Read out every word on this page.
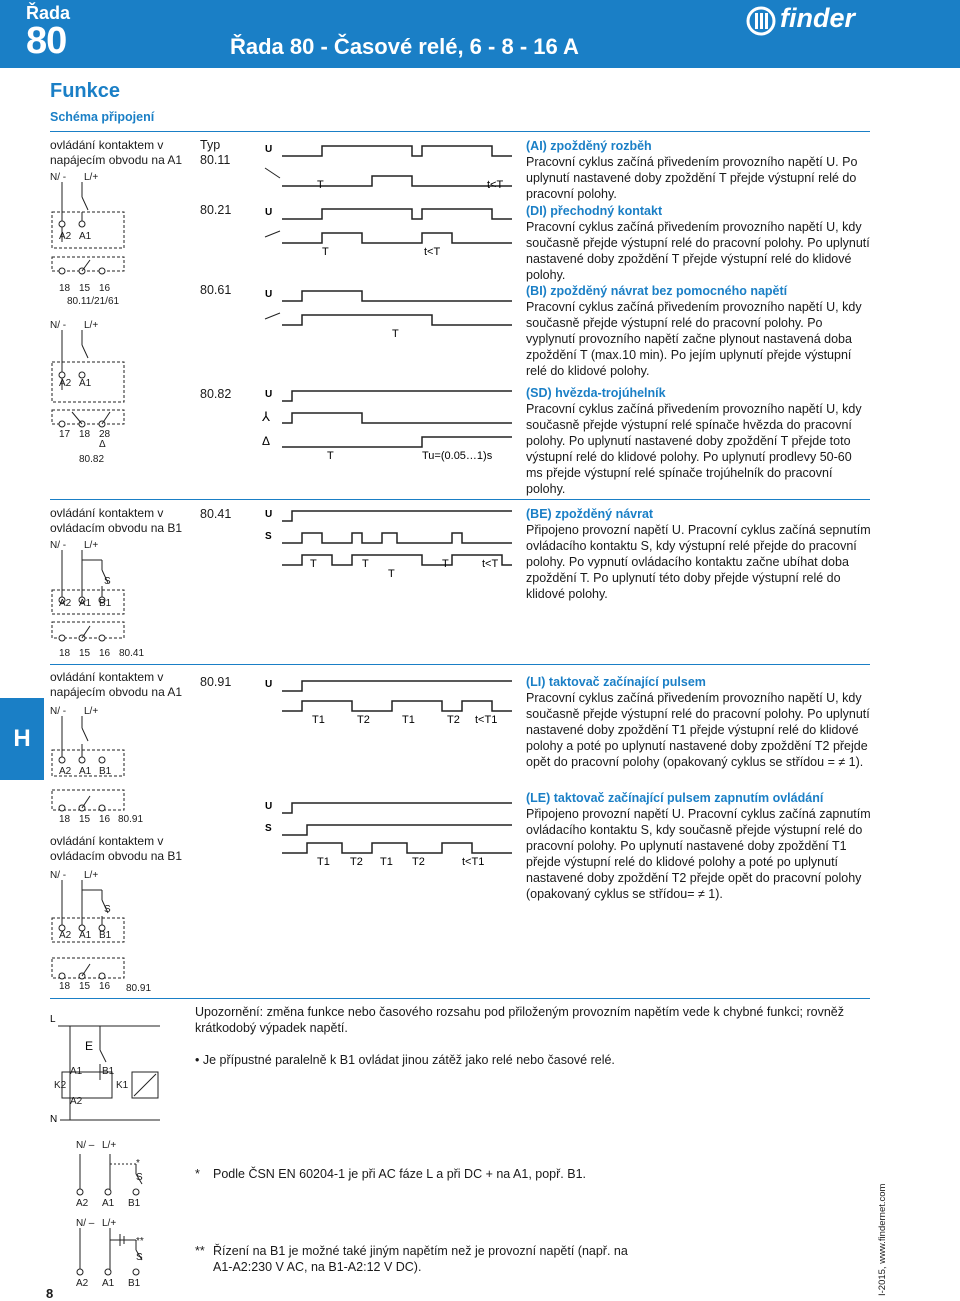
Řada
80	Řada 80 - Časové relé, 6 - 8 - 16 A
finder
Funkce
Schéma připojení
ovládání kontaktem v
napájecím obvodu na A1
N/ - L/+
A2 A1
18 15 16
80.11/21/61
N/ - L/+
A2 A1
17 18 28
Δ
80.82
ovládání kontaktem v
ovládacím obvodu na B1
N/ - L/+
S
A2 A1 B1
18 15 16 80.41
ovládání kontaktem v
napájecím obvodu na A1
N/ - L/+
A2 A1 B1
18 15 16 80.91
ovládání kontaktem v
ovládacím obvodu na B1
N/ - L/+
S
A2 A1 B1
18 15 16 80.91
Typ
80.11
80.21
80.61
80.82
80.41
80.91
U
T	t<T
U
T	t<T
U
T
U
⅄
Δ
T	Tu=(0.05…1)s
U
S
T	T
T
T	t<T
U
T1	T2	T1	T2 t<T1
U
S
T1 T2 T1 T2	t<T1
(AI) zpožděný rozběh
Pracovní cyklus začíná přivedením provozního napětí U. Po uplynutí nastavené doby zpoždění T přejde výstupní relé do pracovní polohy.
(DI) přechodný kontakt
Pracovní cyklus začíná přivedením provozního napětí U, kdy současně přejde výstupní relé do pracovní polohy. Po uplynutí nastavené doby zpoždění T přejde výstupní relé do klidové polohy.
(BI) zpožděný návrat bez pomocného napětí
Pracovní cyklus začíná přivedením provozního napětí U, kdy současně přejde výstupní relé do pracovní polohy. Po vyplynutí provozního napětí začne plynout nastavená doba zpoždění T (max.10 min). Po jejím uplynutí přejde výstupní relé do klidové polohy.
(SD) hvězda-trojúhelník
Pracovní cyklus začíná přivedením provozního napětí U, kdy současně přejde výstupní relé spínače hvězda do pracovní polohy. Po uplynutí nastavené doby zpoždění T přejde toto výstupní relé do klidové polohy. Po uplynutí prodlevy 50-60 ms přejde výstupní relé spínače trojúhelník do pracovní polohy.
(BE) zpožděný návrat
Připojeno provozní napětí U. Pracovní cyklus začíná sepnutím ovládacího kontaktu S, kdy výstupní relé přejde do pracovní polohy. Po vypnutí ovládacího kontaktu začne ubíhat doba zpoždění T. Po uplynutí této doby přejde výstupní relé do klidové polohy.
(LI) taktovač začínající pulsem
Pracovní cyklus začíná přivedením provozního napětí U, kdy současně přejde výstupní relé do pracovní polohy. Po uplynutí nastavené doby zpoždění T1 přejde výstupní relé do klidové polohy a poté po uplynutí nastavené doby zpoždění T2 přejde opět do pracovní polohy (opakovaný cyklus se střídou = ≠ 1).
(LE) taktovač začínající pulsem zapnutím ovládání
Připojeno provozní napětí U. Pracovní cyklus začíná zapnutím ovládacího kontaktu S, kdy současně přejde výstupní relé do pracovní polohy. Po uplynutí nastavené doby zpoždění T1 přejde výstupní relé do klidové polohy a poté po uplynutí nastavené doby zpoždění T2 přejde opět do pracovní polohy (opakovaný cyklus se střídou= ≠ 1).
H
L
E
N
A1 B1
K2	K1
A2
N/ – L/+
*
S
A2 A1 B1
N/ – L/+
**
S
A2 A1 B1
Upozornění: změna funkce nebo časového rozsahu pod přiloženým provozním napětím vede k chybné funkci; rovněž krátkodobý výpadek napětí.
• Je přípustné paralelně k B1 ovládat jinou zátěž jako relé nebo časové relé.
* Podle ČSN EN 60204-1 je při AC fáze L a při DC + na A1, popř. B1.
** Řízení na B1 je možné také jiným napětím než je provozní napětí (např. na A1-A2:230 V AC, na B1-A2:12 V DC).
8	I-2015, www.findernet.com
